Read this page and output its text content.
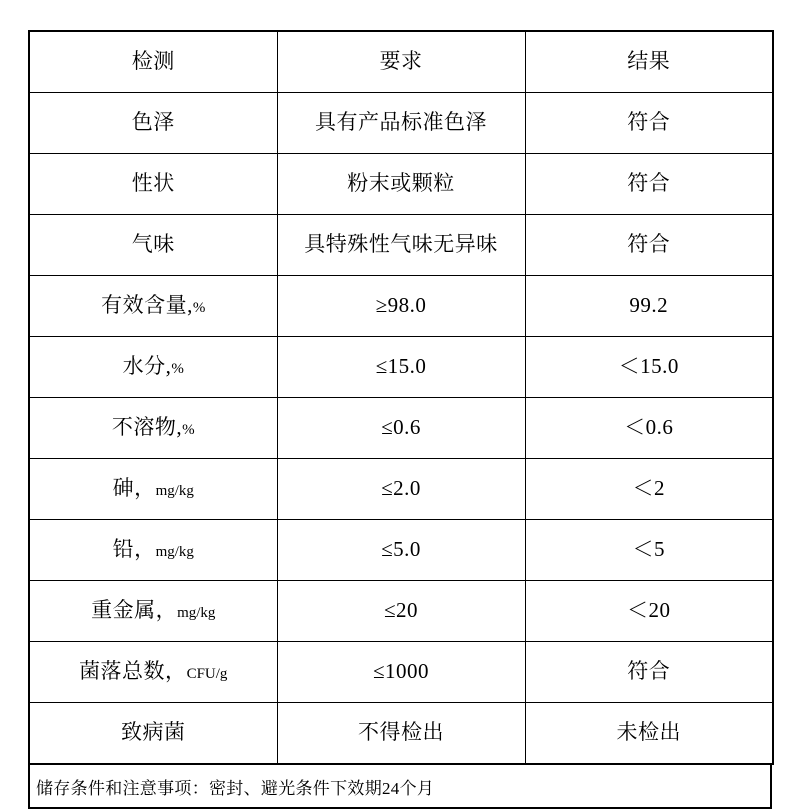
检测	要求	结果
色泽	具有产品标准色泽	符合
性状	粉末或颗粒	符合
气味	具特殊性气味无异味	符合
有效含量,%	≥98.0	99.2
水分,%	≤15.0	＜15.0
不溶物,%	≤0.6	＜0.6
砷，mg/kg	≤2.0	＜2
铅，mg/kg	≤5.0	＜5
重金属，mg/kg	≤20	＜20
菌落总数，CFU/g	≤1000	符合
致病菌	不得检出	未检出
储存条件和注意事项：密封、避光条件下效期24个月
